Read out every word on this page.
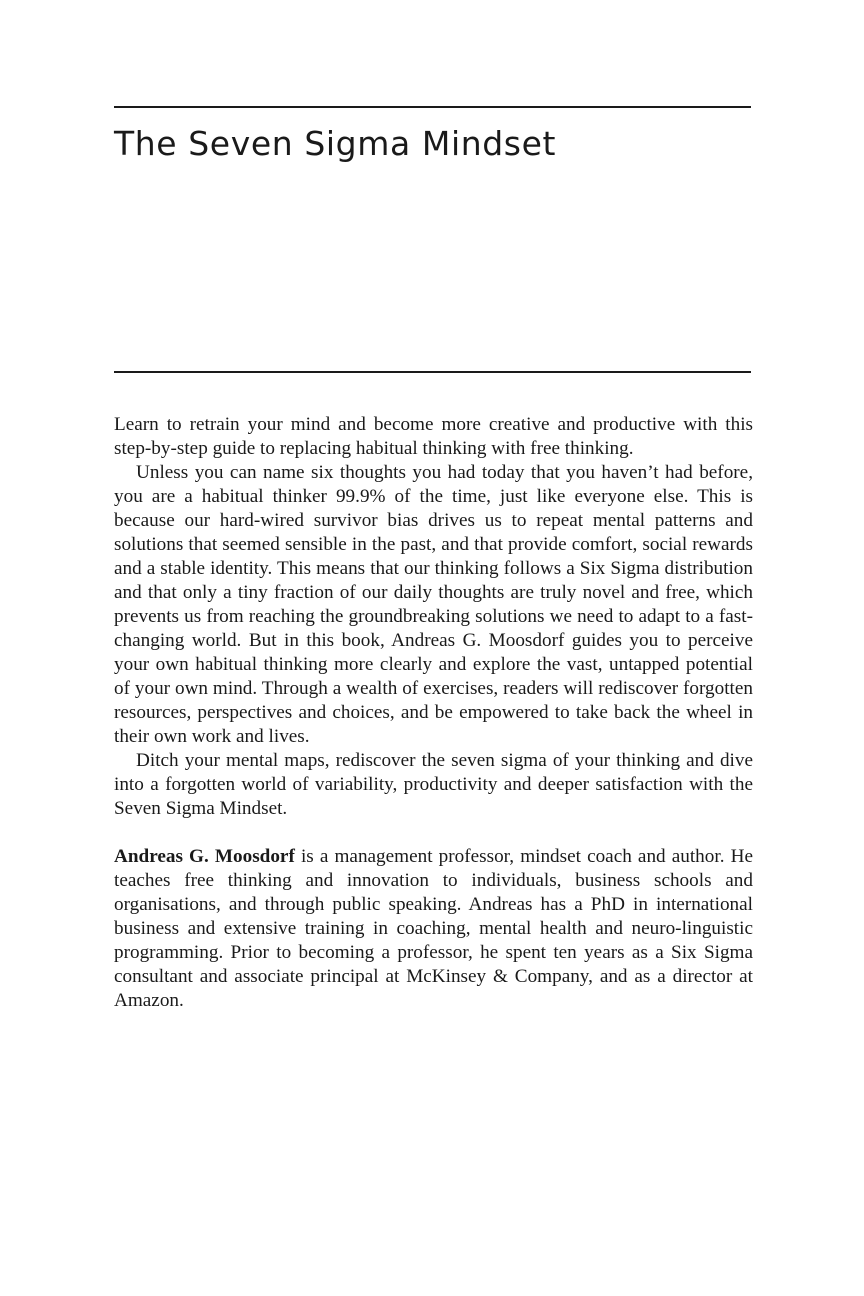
The Seven Sigma Mindset

Learn to retrain your mind and become more creative and productive with this step-by-step guide to replacing habitual thinking with free thinking.

Unless you can name six thoughts you had today that you haven’t had before, you are a habitual thinker 99.9% of the time, just like everyone else. This is because our hard-wired survivor bias drives us to repeat mental patterns and solutions that seemed sensible in the past, and that provide comfort, social rewards and a stable identity. This means that our thinking follows a Six Sigma distribution and that only a tiny fraction of our daily thoughts are truly novel and free, which prevents us from reaching the groundbreaking solutions we need to adapt to a fast-changing world. But in this book, Andreas G. Moosdorf guides you to perceive your own habitual thinking more clearly and explore the vast, untapped potential of your own mind. Through a wealth of exercises, readers will rediscover forgotten resources, perspectives and choices, and be empowered to take back the wheel in their own work and lives.

Ditch your mental maps, rediscover the seven sigma of your thinking and dive into a forgotten world of variability, productivity and deeper satisfaction with the Seven Sigma Mindset.

Andreas G. Moosdorf is a management professor, mindset coach and author. He teaches free thinking and innovation to individuals, business schools and organisations, and through public speaking. Andreas has a PhD in international business and extensive training in coaching, mental health and neuro-linguistic programming. Prior to becoming a professor, he spent ten years as a Six Sigma consultant and associate principal at McKinsey & Company, and as a director at Amazon.
